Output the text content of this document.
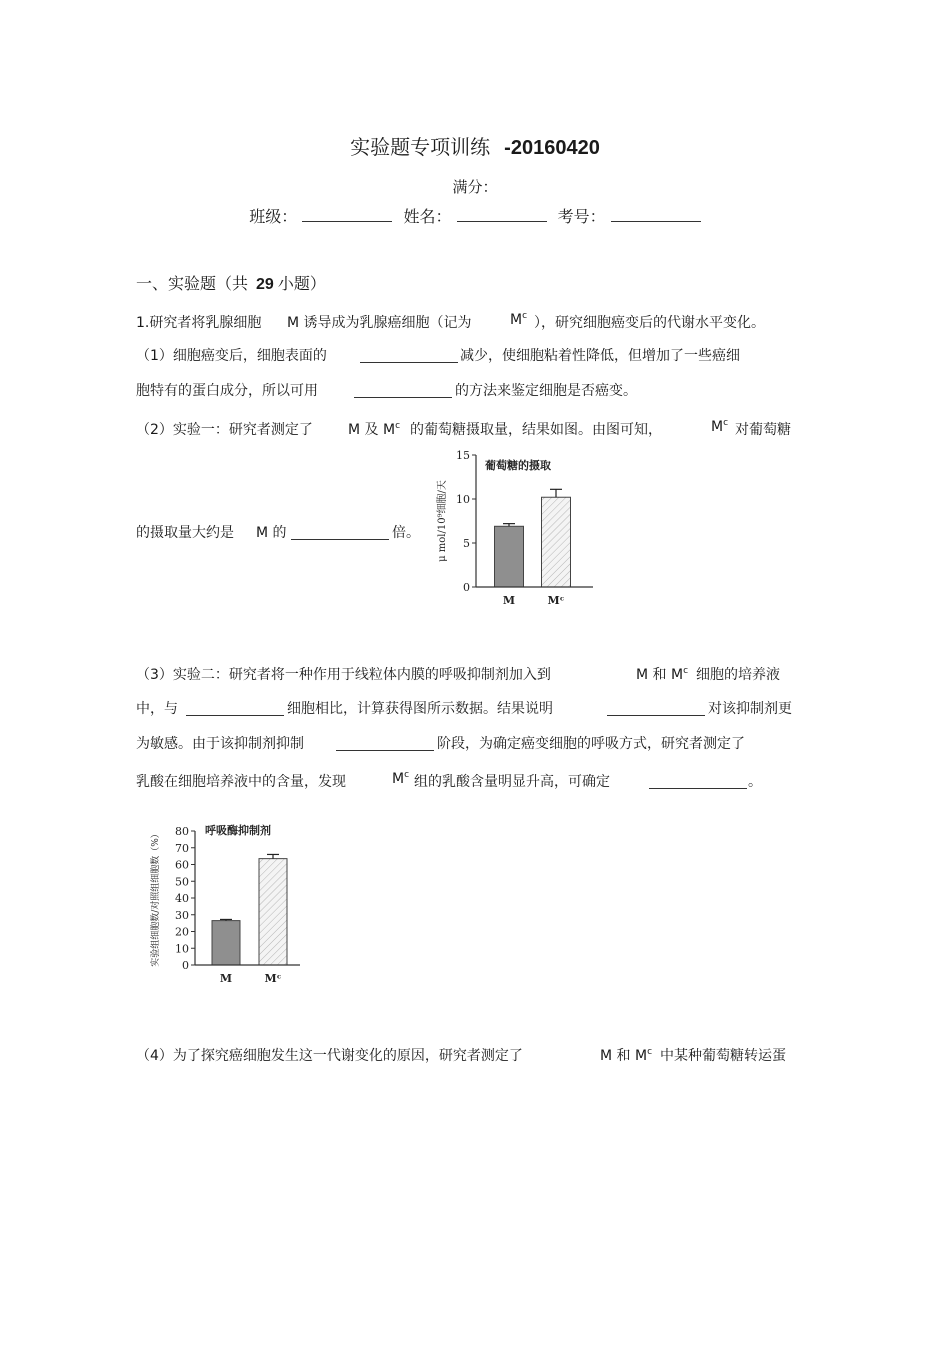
实验题专项训练 -20160420
满分：
班级：	姓名：	考号：
一、实验题（共 29 小题）
1.研究者将乳腺细胞 M 诱导成为乳腺癌细胞（记为	$M^c$ ），研究细胞癌变后的代谢水平变化。
（1）细胞癌变后，细胞表面的	减少，使细胞粘着性降低，但增加了一些癌细
胞特有的蛋白成分，所以可用	的方法来鉴定细胞是否癌变。
（2）实验一：研究者测定了	M 及 $M^c$ 的葡萄糖摄取量，结果如图。由图可知，	$M^c$ 对葡萄糖
的摄取量大约是 M 的	倍。
0
5
10
15
M	Mᶜ
葡萄糖的摄取
μ mol/10⁹细胞/天
（3）实验二：研究者将一种作用于线粒体内膜的呼吸抑制剂加入到	M 和 $M^c$ 细胞的培养液
中，与	细胞相比，计算获得图所示数据。结果说明	对该抑制剂更
为敏感。由于该抑制剂抑制	阶段，为确定癌变细胞的呼吸方式，研究者测定了
乳酸在细胞培养液中的含量，发现	$M^c$ 组的乳酸含量明显升高，可确定	。
0
10
20
30
40
50
60
70
80
M	Mᶜ
呼吸酶抑制剂
实验组细胞数/对照组细胞数（%）
（4）为了探究癌细胞发生这一代谢变化的原因，研究者测定了	M 和 $M^c$ 中某种葡萄糖转运蛋
